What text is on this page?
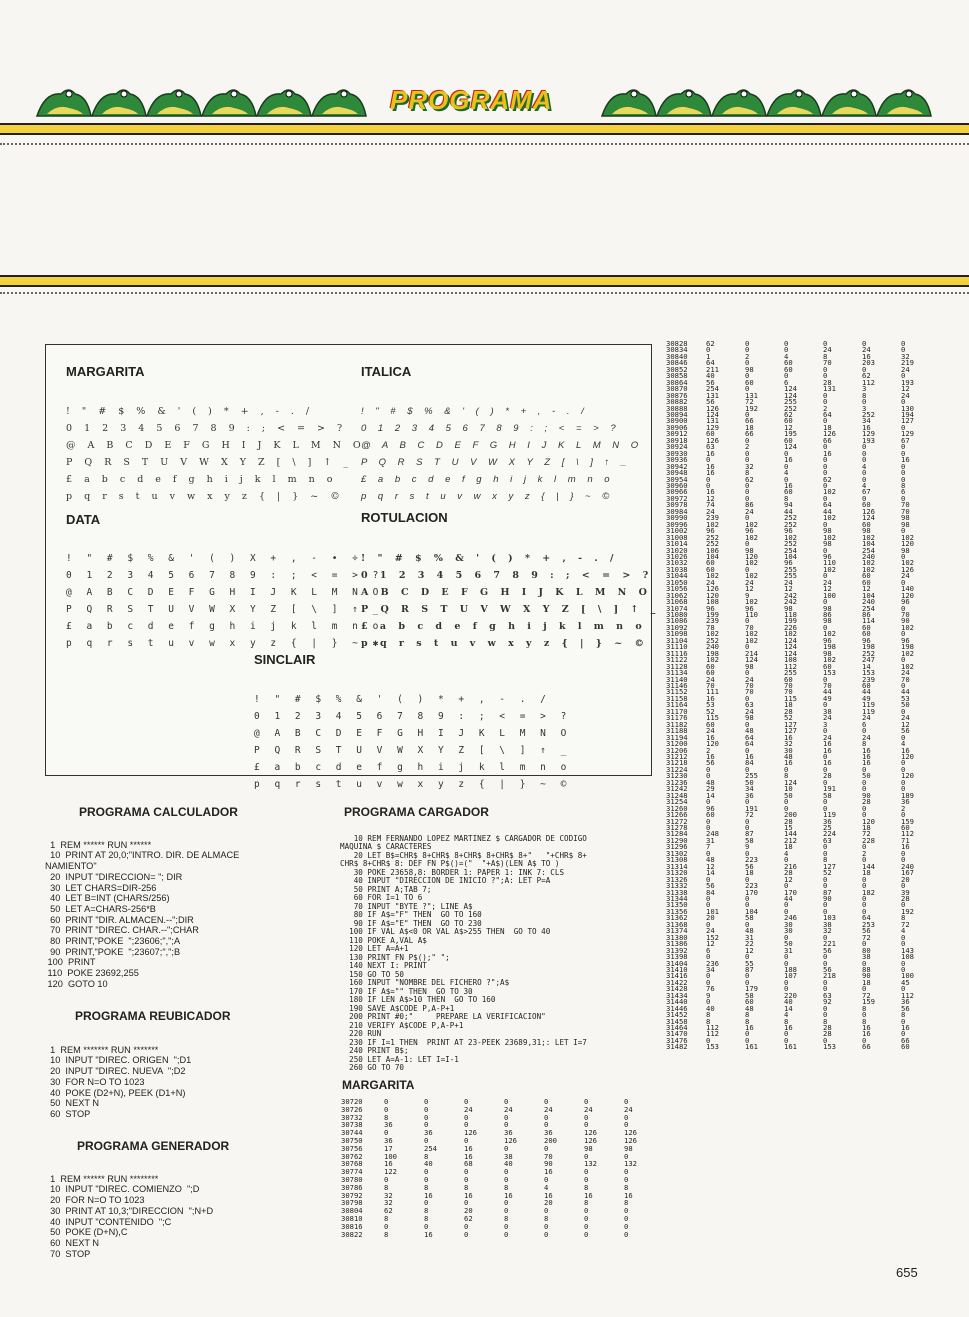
PROGRAMA
MARGARITA

! " # $ % & ' ( ) * + , - . /
0 1 2 3 4 5 6 7 8 9 : ; < = > ?
@ A B C D E F G H I J K L M N O
P Q R S T U V W X Y Z [ \ ] ↑ _
£ a b c d e f g h i j k l m n o
p q r s t u v w x y z { | } ~ ©
ITALICA

! " # $ % & ' ( ) * + , - . /
0 1 2 3 4 5 6 7 8 9 : ; < = > ?
@ A B C D E F G H I J K L M N O
P Q R S T U V W X Y Z [ \ ] ↑ _
£ a b c d e f g h i j k l m n o
p q r s t u v w x y z { | } ~ ©
DATA

! " # $ % & ' ( ) X + , - • ÷
0 1 2 3 4 5 6 7 8 9 : ; < = > ?
@ A B C D E F G H I J K L M N O
P Q R S T U V W X Y Z [ \ ] ↑ _
£ a b c d e f g h i j k l m n o
p q r s t u v w x y z { | } ~ ✱
ROTULACION

! " # $ % & ' ( ) * + , - . /
0 1 2 3 4 5 6 7 8 9 : ; < = > ?
A B C D E F G H I J K L M N O
P Q R S T U V W X Y Z [ \ ] ↑ _
£ a b c d e f g h i j k l m n o
p q r s t u v w x y z { | } ~ ©
SINCLAIR

! " # $ % & ' ( ) * + , - . /
0 1 2 3 4 5 6 7 8 9 : ; < = > ?
@ A B C D E F G H I J K L M N O
P Q R S T U V W X Y Z [ \ ] ↑ _
£ a b c d e f g h i j k l m n o
p q r s t u v w x y z { | } ~ ©
PROGRAMA CALCULADOR

1  REM ****** RUN ******
10  PRINT AT 20,0;"INTRO. DIR. DE ALMACE
NAMIENTO"
20  INPUT "DIRECCION= "; DIR
30  LET CHARS=DIR-256
40  LET B=INT (CHARS/256)
50  LET A=CHARS-256*B
60  PRINT "DIR. ALMACEN.--";DIR
70  PRINT "DIREC. CHAR.--";CHAR
80  PRINT,"POKE  ";23606;",";A
90  PRINT,"POKE  ";23607;",";B
100  PRINT
110  POKE 23692,255
120  GOTO 10
PROGRAMA REUBICADOR

1  REM ******* RUN *******
10  INPUT "DIREC. ORIGEN  ";D1
20  INPUT "DIREC. NUEVA  ";D2
30  FOR N=O TO 1023
40  POKE (D2+N), PEEK (D1+N)
50  NEXT N
60  STOP
PROGRAMA GENERADOR

1  REM ****** RUN ********
10  INPUT "DIREC. COMIENZO  ";D
20  FOR N=O TO 1023
30  PRINT AT 10,3;"DIRECCION  ";N+D
40  INPUT "CONTENIDO  ";C
50  POKE (D+N),C
60  NEXT N
70  STOP
PROGRAMA CARGADOR

10 REM FERNANDO LOPEZ MARTINEZ $ CARGADOR DE CODIGO
MAQUINA $ CARACTERES
20 LET B$=CHR$ 8+CHR$ 8+CHR$ 8+CHR$ 8+"   "+CHR$ 8+
CHR$ 8+CHR$ 8: DEF FN P$()=("  "+A$)(LEN A$ TO )
30 POKE 23658,8: BORDER 1: PAPER 1: INK 7: CLS
40 INPUT "DIRECCION DE INICIO ?";A: LET P=A
50 PRINT A;TAB 7;
60 FOR I=1 TO 6
70 INPUT "BYTE ?"; LINE A$
80 IF A$="F" THEN  GO TO 160
90 IF A$="E" THEN  GO TO 230
100 IF VAL A$<0 OR VAL A$>255 THEN  GO TO 40
110 POKE A,VAL A$
120 LET A=A+1
130 PRINT FN P$();" ";
140 NEXT I: PRINT
150 GO TO 50
160 INPUT "NOMBRE DEL FICHERO ?";A$
170 IF A$="" THEN  GO TO 30
180 IF LEN A$>10 THEN  GO TO 160
190 SAVE A$CODE P,A-P+1
200 PRINT #0;"     PREPARE LA VERIFICACION"
210 VERIFY A$CODE P,A-P+1
220 RUN
230 IF I=1 THEN  PRINT AT 23-PEEK 23689,31;: LET I=7
240 PRINT B$;
250 LET A=A-1: LET I=I-1
260 GO TO 70
MARGARITA
30720	0	0	0	0	0	0	0
30726	0	0	24	24	24	24	24
30732	8	0	0	0	0	0	0
30738	36	0	0	0	0	0	0
30744	0	36	126	36	36	126	126
30750	36	0	0	126	200	126	126
30756	17	254	16	0	0	98	98
30762	100	8	16	38	70	0	0
30768	16	40	68	40	90	132	132
30774	122	0	0	0	16	0	0
30780	0	0	0	0	0	0	0
30786	8	8	8	8	4	8	8
30792	32	16	16	16	16	16	16
30798	32	0	0	0	20	8	8
30804	62	8	20	0	0	0	0
30810	8	8	62	8	8	0	0
30816	0	0	0	0	0	0	0
30822	8	16	0	0	0	0	0
30828	62	0	0	0	0	0
30834	0	0	0	24	24	0
30840	1	2	4	8	16	32
30846	64	0	60	70	203	219
30852	211	98	60	0	0	24
30858	40	0	0	0	62	0
30864	56	60	6	28	112	193
30870	254	0	124	131	3	12
30876	131	131	124	0	8	24
30882	56	72	255	0	0	0
30888	126	192	252	2	3	130
30894	124	0	62	64	252	194
30900	131	66	60	0	34	127
30906	129	18	12	18	16	0
30912	60	66	195	126	129	129
30918	126	0	60	66	193	67
30924	63	2	124	0	0	0
30930	16	0	0	16	0	0
30936	0	0	16	0	0	16
30942	16	32	0	0	4	0
30948	16	8	4	0	0	0
30954	0	62	0	62	0	0
30960	0	0	16	0	4	8
30966	16	0	60	102	67	6
30972	12	0	8	0	0	0
30978	74	86	94	64	60	70
30984	24	24	44	44	126	70
30990	239	0	252	102	124	98
30996	102	102	252	0	60	98
31002	96	96	96	98	98	0
31008	252	102	102	102	102	102
31014	252	0	252	98	104	120
31020	106	98	254	0	254	98
31026	104	120	104	96	240	0
31032	60	102	96	110	102	102
31038	60	0	255	102	102	126
31044	102	102	255	0	60	24
31050	24	24	24	24	60	0
31056	126	12	12	12	12	140
31062	120	9	242	100	104	120
31068	108	102	242	0	240	96
31074	96	96	98	98	254	0
31080	199	110	118	86	86	70
31086	239	0	199	98	114	90
31092	78	70	226	0	60	102
31098	102	102	102	102	60	0
31104	252	102	124	96	96	96
31110	240	0	124	198	198	198
31116	198	214	124	98	252	102
31122	102	124	108	102	247	0
31128	60	98	112	60	14	102
31134	60	0	255	153	153	24
31140	24	24	60	0	239	70
31146	70	70	70	70	60	0
31152	111	70	70	44	44	44
31158	16	0	115	49	49	53
31164	53	63	18	0	119	50
31170	52	24	28	38	119	0
31176	115	98	52	24	24	24
31182	60	0	127	3	6	12
31188	24	48	127	0	0	56
31194	16	64	16	24	24	0
31200	120	64	32	16	8	4
31206	2	0	30	16	16	16
31212	16	16	48	0	16	120
31218	56	84	16	16	16	0
31224	0	0	0	0	0	0
31230	0	255	8	28	50	120
31236	48	50	124	0	0	0
31242	29	34	10	191	0	0
31248	14	36	50	58	90	189
31254	0	0	0	0	28	36
31260	96	191	0	0	0	2
31266	60	72	200	119	0	0
31272	0	0	28	36	120	159
31278	0	0	15	25	18	60
31284	248	87	144	224	72	112
31290	31	58	212	63	228	71
31296	7	9	18	0	0	16
31302	0	0	4	0	2	0
31308	48	223	0	8	0	0
31314	12	56	216	127	144	240
31320	14	18	28	52	18	167
31326	0	0	12	0	0	20
31332	56	223	0	0	0	0
31338	84	170	170	87	182	39
31344	0	0	44	90	0	28
31350	0	0	0	0	0	0
31356	101	104	0	0	0	192
31362	20	58	246	103	64	8
31368	0	0	30	38	253	72
31374	24	48	30	32	56	4
31380	152	31	0	0	72	0
31386	12	22	50	221	0	0
31392	6	12	31	56	80	143
31398	0	0	0	0	38	108
31404	236	55	0	0	0	0
31410	34	87	188	56	88	0
31416	0	0	107	218	90	100
31422	0	0	0	0	18	45
31428	76	179	0	0	0	0
31434	9	58	220	63	72	112
31440	0	60	40	92	159	36
31446	40	48	14	0	8	56
31452	8	8	4	0	0	8
31458	8	8	8	8	8	0
31464	112	16	16	28	16	16
31470	112	0	0	28	16	0
31476	0	0	0	0	0	66
31482	153	161	161	153	66	60
655
